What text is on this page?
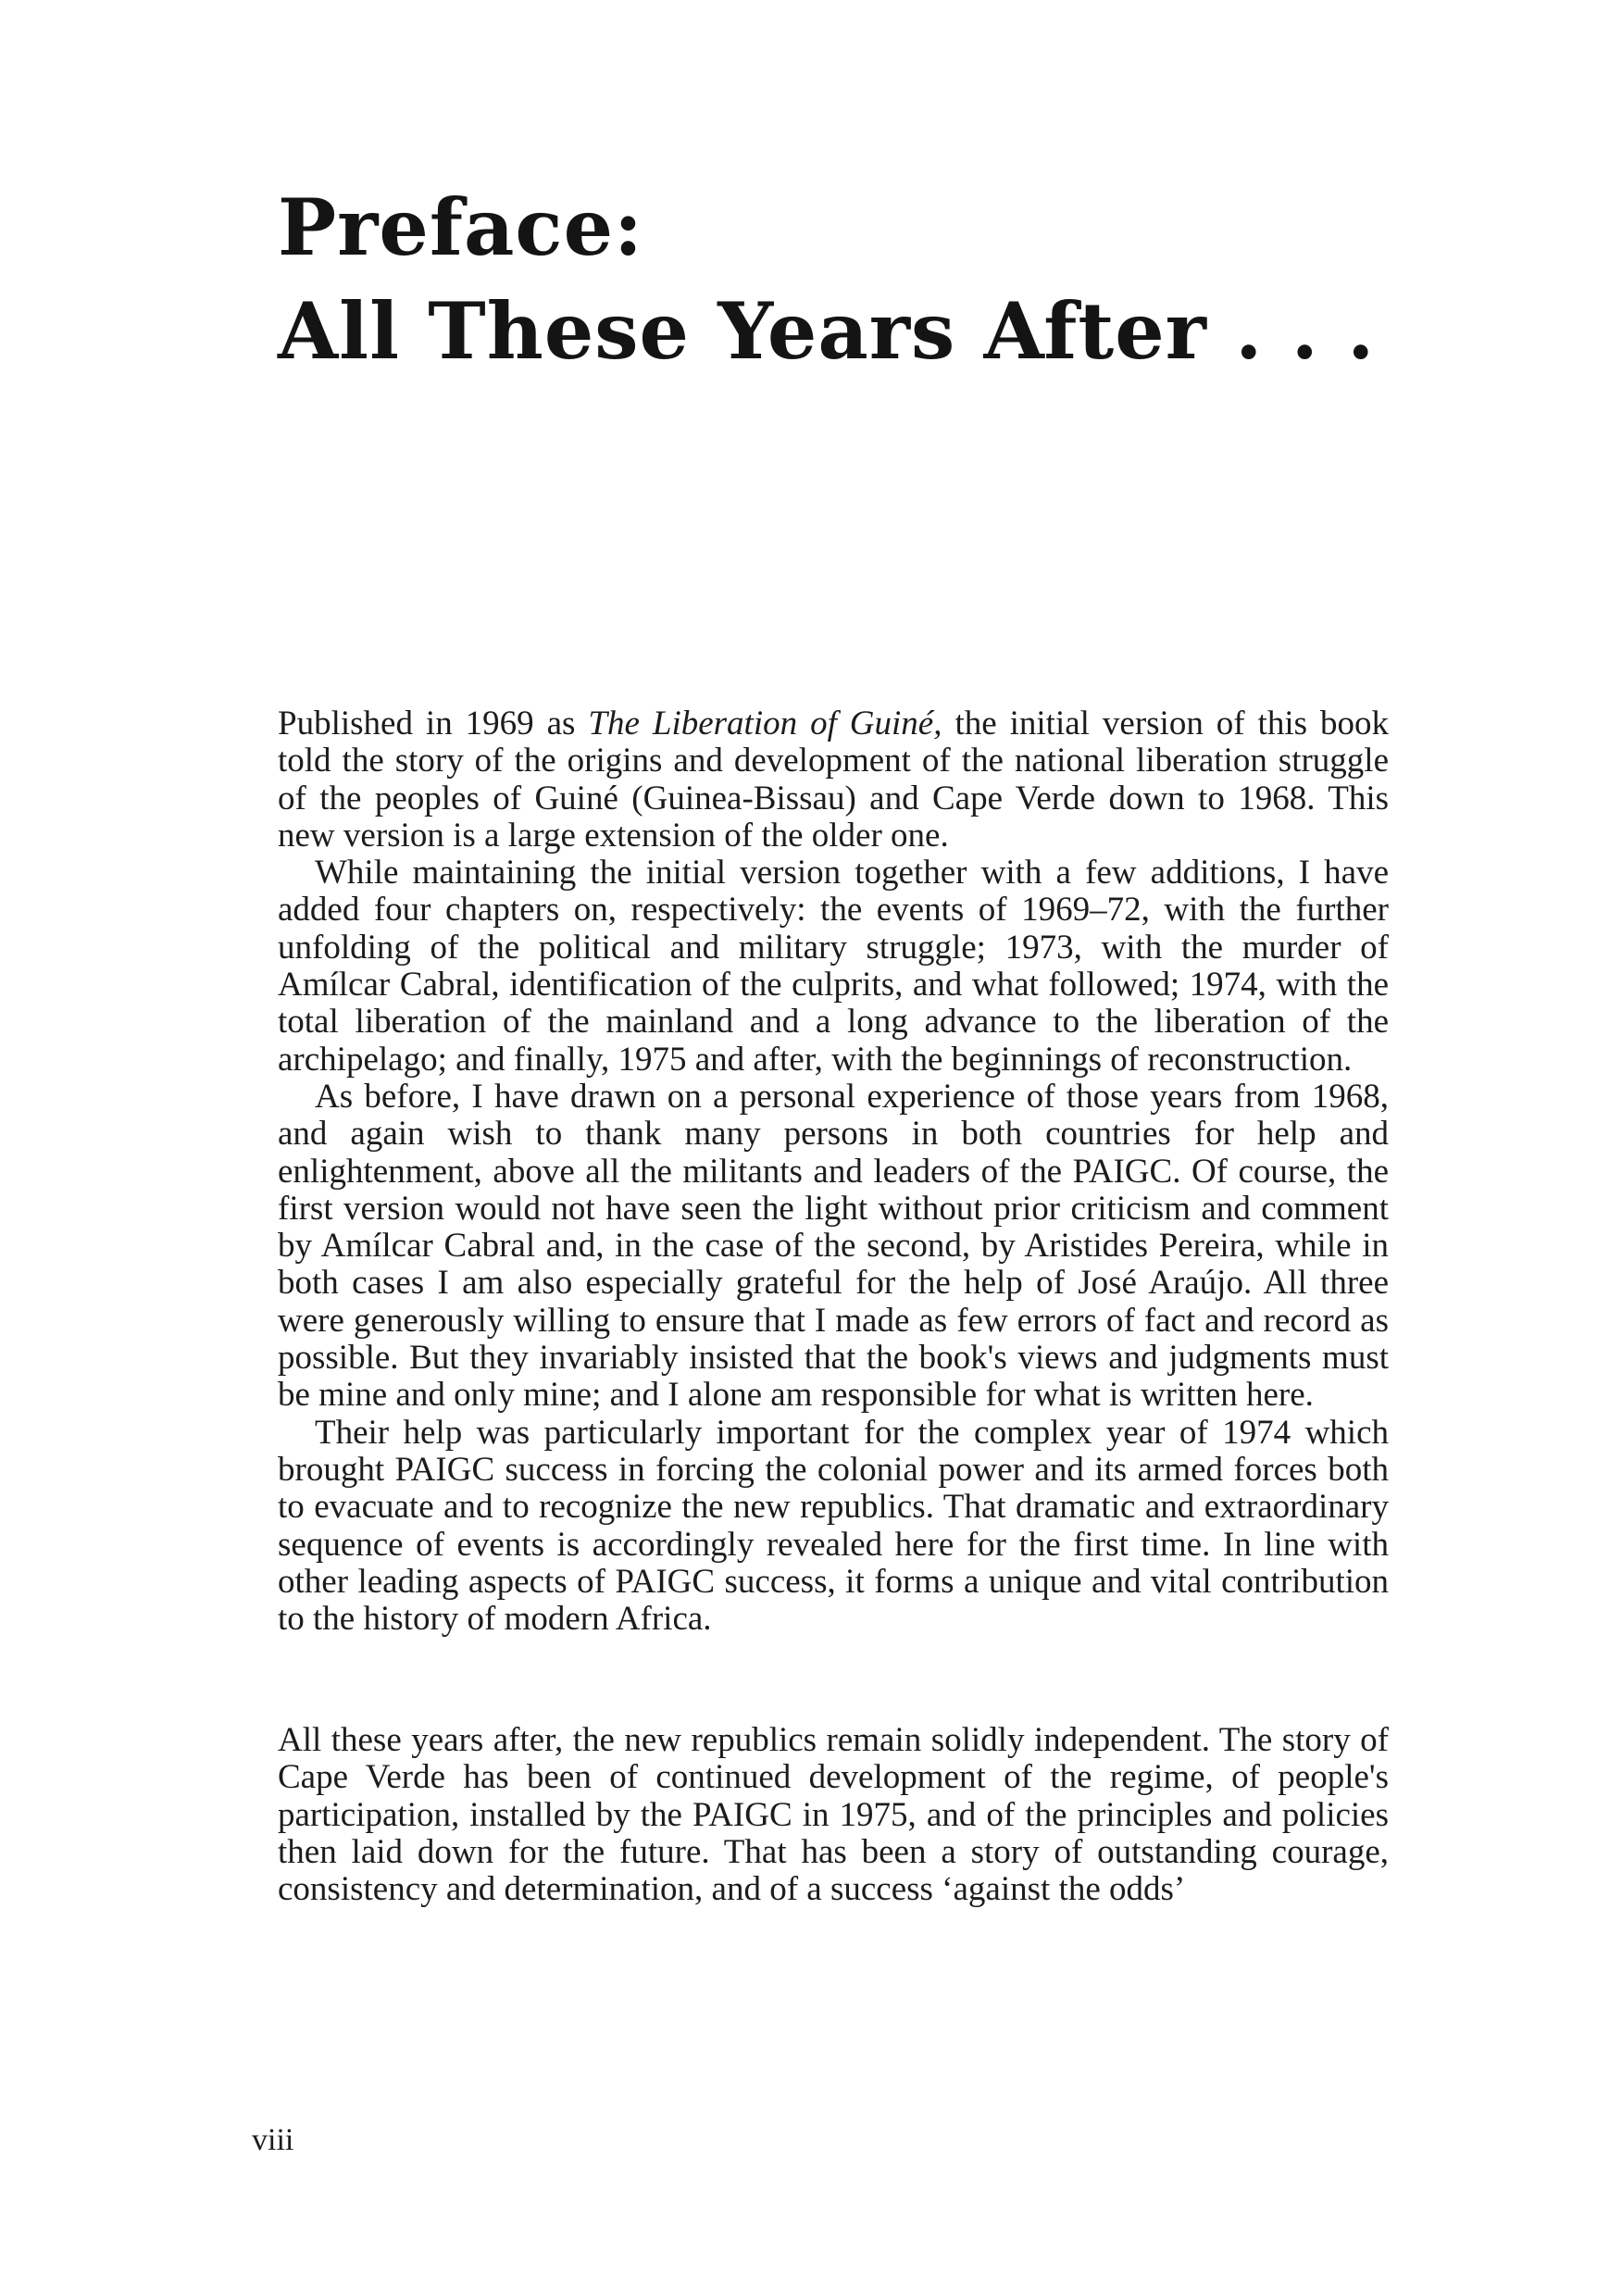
Preface:
All These Years After . . .

Published in 1969 as The Liberation of Guiné, the initial version of this book told the story of the origins and development of the national liberation struggle of the peoples of Guiné (Guinea-Bissau) and Cape Verde down to 1968. This new version is a large extension of the older one.

While maintaining the initial version together with a few additions, I have added four chapters on, respectively: the events of 1969–72, with the further unfolding of the political and military struggle; 1973, with the murder of Amílcar Cabral, identification of the culprits, and what followed; 1974, with the total liberation of the mainland and a long advance to the liberation of the archipelago; and finally, 1975 and after, with the beginnings of reconstruction.

As before, I have drawn on a personal experience of those years from 1968, and again wish to thank many persons in both countries for help and enlightenment, above all the militants and leaders of the PAIGC. Of course, the first version would not have seen the light without prior criticism and comment by Amílcar Cabral and, in the case of the second, by Aristides Pereira, while in both cases I am also especially grateful for the help of José Araújo. All three were generously willing to ensure that I made as few errors of fact and record as possible. But they invariably insisted that the book's views and judgments must be mine and only mine; and I alone am responsible for what is written here.

Their help was particularly important for the complex year of 1974 which brought PAIGC success in forcing the colonial power and its armed forces both to evacuate and to recognize the new republics. That dramatic and extraordinary sequence of events is accordingly revealed here for the first time. In line with other leading aspects of PAIGC success, it forms a unique and vital contribution to the history of modern Africa.

All these years after, the new republics remain solidly independent. The story of Cape Verde has been of continued development of the regime, of people's participation, installed by the PAIGC in 1975, and of the principles and policies then laid down for the future. That has been a story of outstanding courage, consistency and determination, and of a success ‘against the odds’

viii
